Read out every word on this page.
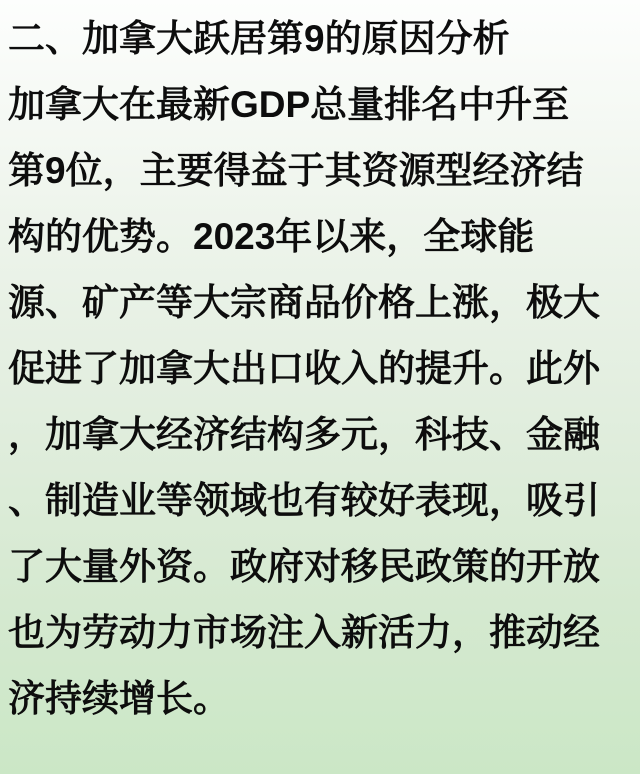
二、加拿大跃居第9的原因分析
加拿大在最新GDP总量排名中升至
第9位，主要得益于其资源型经济结
构的优势。2023年以来，全球能
源、矿产等大宗商品价格上涨，极大
促进了加拿大出口收入的提升。此外
，加拿大经济结构多元，科技、金融
、制造业等领域也有较好表现，吸引
了大量外资。政府对移民政策的开放
也为劳动力市场注入新活力，推动经
济持续增长。
